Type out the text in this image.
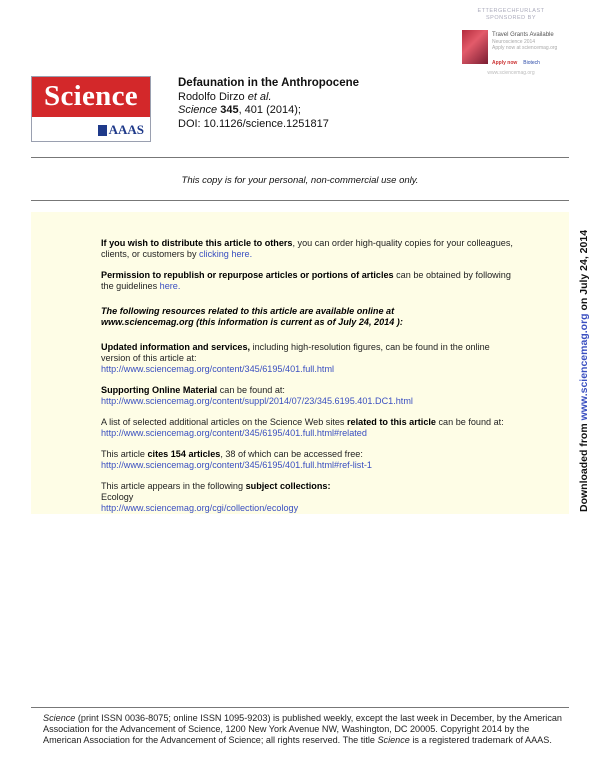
ETTERGECHFURLAST
SPONSORED BY
Travel Grants Available
Neuroscience 2014
Apply now at sciencemag.org
Apply now Biotech
www.sciencemag.org
Science
AAAS
Defaunation in the Anthropocene
Rodolfo Dirzo et al.
Science 345, 401 (2014);
DOI: 10.1126/science.1251817
This copy is for your personal, non-commercial use only.

If you wish to distribute this article to others, you can order high-quality copies for your colleagues, clients, or customers by clicking here.

Permission to republish or repurpose articles or portions of articles can be obtained by following the guidelines here.

The following resources related to this article are available online at
www.sciencemag.org (this information is current as of July 24, 2014 ):

Updated information and services, including high-resolution figures, can be found in the online version of this article at:
http://www.sciencemag.org/content/345/6195/401.full.html

Supporting Online Material can be found at:
http://www.sciencemag.org/content/suppl/2014/07/23/345.6195.401.DC1.html

A list of selected additional articles on the Science Web sites related to this article can be found at:
http://www.sciencemag.org/content/345/6195/401.full.html#related

This article cites 154 articles, 38 of which can be accessed free:
http://www.sciencemag.org/content/345/6195/401.full.html#ref-list-1

This article appears in the following subject collections:
Ecology
http://www.sciencemag.org/cgi/collection/ecology	Downloaded from www.sciencemag.org on July 24, 2014
Science (print ISSN 0036-8075; online ISSN 1095-9203) is published weekly, except the last week in December, by the American Association for the Advancement of Science, 1200 New York Avenue NW, Washington, DC 20005. Copyright 2014 by the American Association for the Advancement of Science; all rights reserved. The title Science is a registered trademark of AAAS.
